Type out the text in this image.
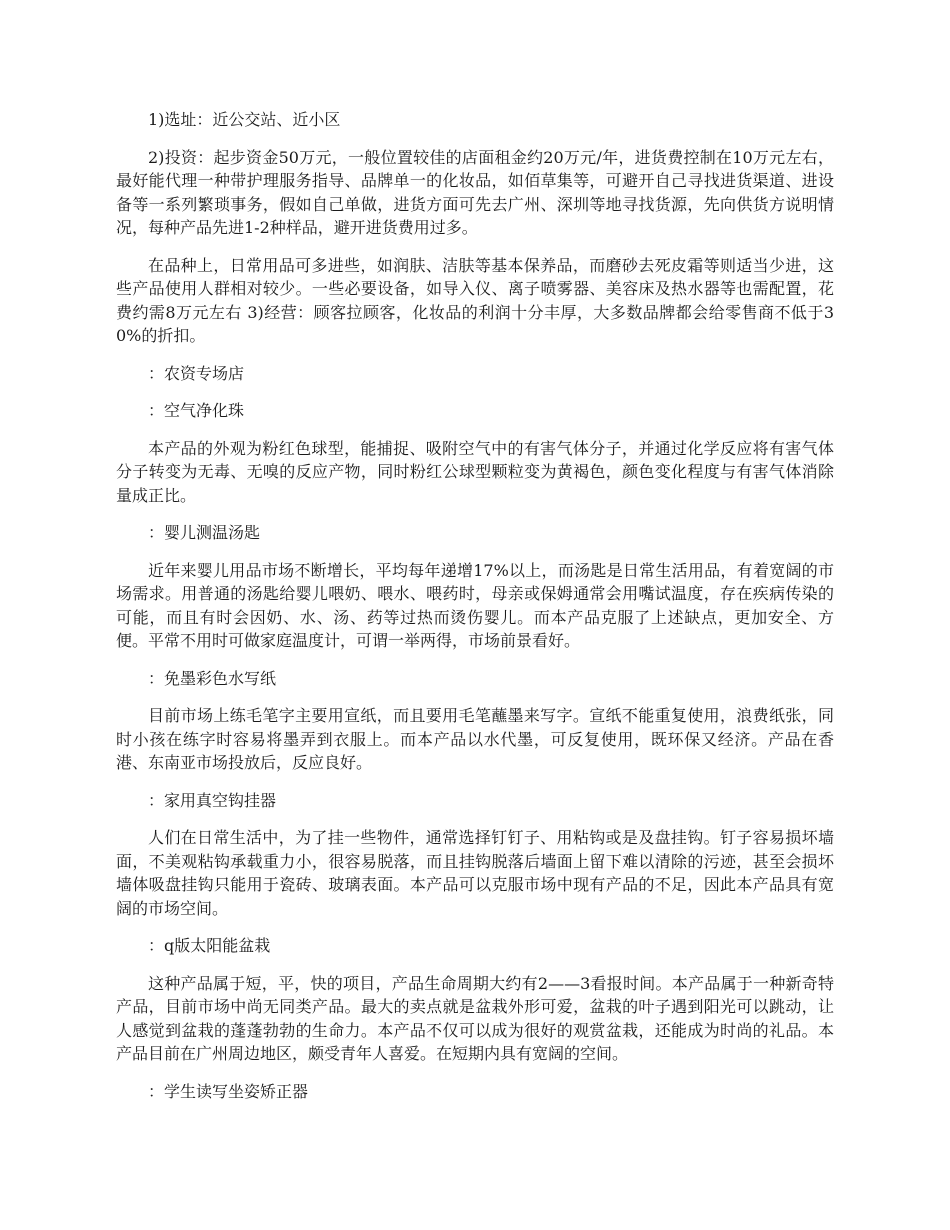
1)选址：近公交站、近小区

2)投资：起步资金50万元，一般位置较佳的店面租金约20万元/年，进货费控制在10万元左右，最好能代理一种带护理服务指导、品牌单一的化妆品，如佰草集等，可避开自己寻找进货渠道、进设备等一系列繁琐事务，假如自己单做，进货方面可先去广州、深圳等地寻找货源，先向供货方说明情况，每种产品先进1-2种样品，避开进货费用过多。

在品种上，日常用品可多进些，如润肤、洁肤等基本保养品，而磨砂去死皮霜等则适当少进，这些产品使用人群相对较少。一些必要设备，如导入仪、离子喷雾器、美容床及热水器等也需配置，花费约需8万元左右 3)经营：顾客拉顾客，化妆品的利润十分丰厚，大多数品牌都会给零售商不低于30%的折扣。

：农资专场店

：空气净化珠

本产品的外观为粉红色球型，能捕捉、吸附空气中的有害气体分子，并通过化学反应将有害气体分子转变为无毒、无嗅的反应产物，同时粉红公球型颗粒变为黄褐色，颜色变化程度与有害气体消除量成正比。

：婴儿测温汤匙

近年来婴儿用品市场不断增长，平均每年递增17%以上，而汤匙是日常生活用品，有着宽阔的市场需求。用普通的汤匙给婴儿喂奶、喂水、喂药时，母亲或保姆通常会用嘴试温度，存在疾病传染的可能，而且有时会因奶、水、汤、药等过热而烫伤婴儿。而本产品克服了上述缺点，更加安全、方便。平常不用时可做家庭温度计，可谓一举两得，市场前景看好。

：免墨彩色水写纸

目前市场上练毛笔字主要用宣纸，而且要用毛笔蘸墨来写字。宣纸不能重复使用，浪费纸张，同时小孩在练字时容易将墨弄到衣服上。而本产品以水代墨，可反复使用，既环保又经济。产品在香港、东南亚市场投放后，反应良好。

：家用真空钩挂器

人们在日常生活中，为了挂一些物件，通常选择钉钉子、用粘钩或是及盘挂钩。钉子容易损坏墙面，不美观粘钩承载重力小，很容易脱落，而且挂钩脱落后墙面上留下难以清除的污迹，甚至会损坏墙体吸盘挂钩只能用于瓷砖、玻璃表面。本产品可以克服市场中现有产品的不足，因此本产品具有宽阔的市场空间。

：q版太阳能盆栽

这种产品属于短，平，快的项目，产品生命周期大约有2——3看报时间。本产品属于一种新奇特产品，目前市场中尚无同类产品。最大的卖点就是盆栽外形可爱，盆栽的叶子遇到阳光可以跳动，让人感觉到盆栽的蓬蓬勃勃的生命力。本产品不仅可以成为很好的观赏盆栽，还能成为时尚的礼品。本产品目前在广州周边地区，颇受青年人喜爱。在短期内具有宽阔的空间。

：学生读写坐姿矫正器
